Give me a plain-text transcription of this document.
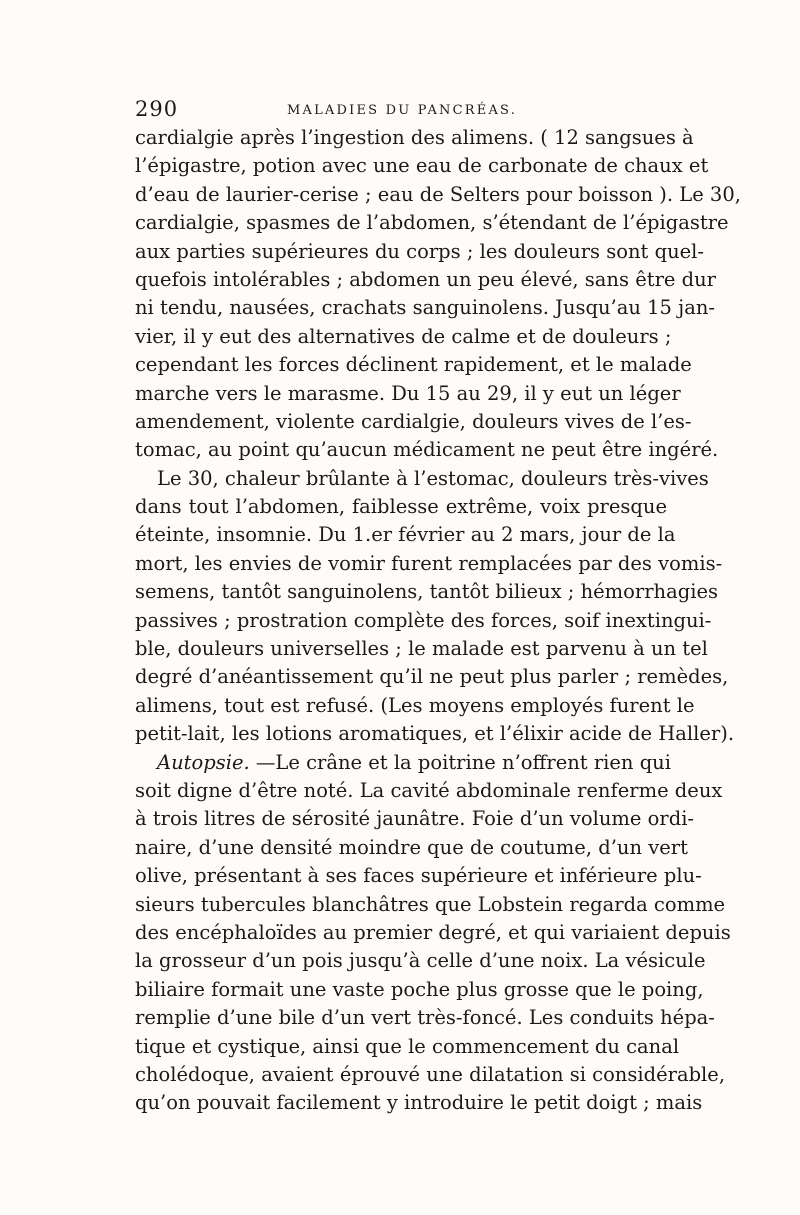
290	MALADIES DU PANCRÉAS.
cardialgie après l’ingestion des alimens. ( 12 sangsues à
l’épigastre, potion avec une eau de carbonate de chaux et
d’eau de laurier-cerise ; eau de Selters pour boisson ). Le 30,
cardialgie, spasmes de l’abdomen, s’étendant de l’épigastre
aux parties supérieures du corps ; les douleurs sont quel-
quefois intolérables ; abdomen un peu élevé, sans être dur
ni tendu, nausées, crachats sanguinolens. Jusqu’au 15 jan-
vier, il y eut des alternatives de calme et de douleurs ;
cependant les forces déclinent rapidement, et le malade
marche vers le marasme. Du 15 au 29, il y eut un léger
amendement, violente cardialgie, douleurs vives de l’es-
tomac, au point qu’aucun médicament ne peut être ingéré.
Le 30, chaleur brûlante à l’estomac, douleurs très-vives
dans tout l’abdomen, faiblesse extrême, voix presque
éteinte, insomnie. Du 1.er février au 2 mars, jour de la
mort, les envies de vomir furent remplacées par des vomis-
semens, tantôt sanguinolens, tantôt bilieux ; hémorrhagies
passives ; prostration complète des forces, soif inextingui-
ble, douleurs universelles ; le malade est parvenu à un tel
degré d’anéantissement qu’il ne peut plus parler ; remèdes,
alimens, tout est refusé. (Les moyens employés furent le
petit-lait, les lotions aromatiques, et l’élixir acide de Haller).
Autopsie. —Le crâne et la poitrine n’offrent rien qui
soit digne d’être noté. La cavité abdominale renferme deux
à trois litres de sérosité jaunâtre. Foie d’un volume ordi-
naire, d’une densité moindre que de coutume, d’un vert
olive, présentant à ses faces supérieure et inférieure plu-
sieurs tubercules blanchâtres que Lobstein regarda comme
des encéphaloïdes au premier degré, et qui variaient depuis
la grosseur d’un pois jusqu’à celle d’une noix. La vésicule
biliaire formait une vaste poche plus grosse que le poing,
remplie d’une bile d’un vert très-foncé. Les conduits hépa-
tique et cystique, ainsi que le commencement du canal
cholédoque, avaient éprouvé une dilatation si considérable,
qu’on pouvait facilement y introduire le petit doigt ; mais
